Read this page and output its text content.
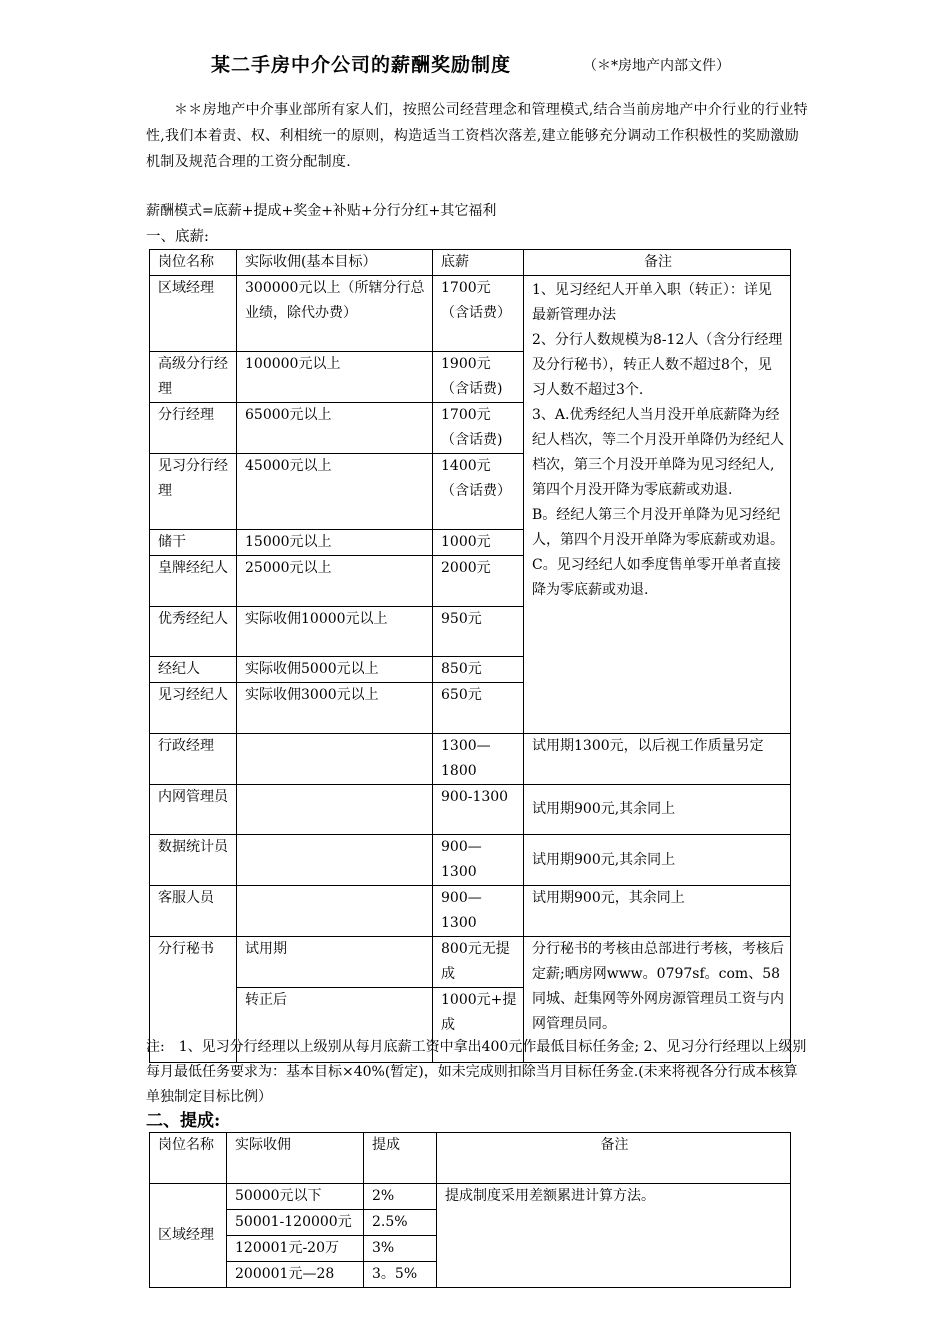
某二手房中介公司的薪酬奖励制度	（＊*房地产内部文件）
＊＊房地产中介事业部所有家人们，按照公司经营理念和管理模式,结合当前房地产中介行业的行业特性,我们本着责、权、利相统一的原则，构造适当工资档次落差,建立能够充分调动工作积极性的奖励激励机制及规范合理的工资分配制度.
薪酬模式=底薪+提成+奖金+补贴+分行分红+其它福利
一、底薪:
岗位名称	实际收佣(基本目标）	底薪	备注
区域经理	300000元以上（所辖分行总业绩，除代办费）	1700元（含话费）	1、见习经纪人开单入职（转正）：详见最新管理办法
2、分行人数规模为8-12人（含分行经理及分行秘书），转正人数不超过8个，见习人数不超过3个.
3、A.优秀经纪人当月没开单底薪降为经纪人档次，等二个月没开单降仍为经纪人档次，第三个月没开单降为见习经纪人,第四个月没开降为零底薪或劝退.
B。经纪人第三个月没开单降为见习经纪人，第四个月没开单降为零底薪或劝退。
C。见习经纪人如季度售单零开单者直接降为零底薪或劝退.
高级分行经理	100000元以上	1900元（含话费)	
分行经理	65000元以上	1700元（含话费)	
见习分行经理	45000元以上	1400元（含话费）	
储干	15000元以上	1000元	
皇牌经纪人	25000元以上	2000元	
优秀经纪人	实际收佣10000元以上	950元	
经纪人	实际收佣5000元以上	850元	
见习经纪人	实际收佣3000元以上	650元	
行政经理		1300—1800	试用期1300元，以后视工作质量另定
内网管理员		900-1300	试用期900元,其余同上
数据统计员		900—1300	试用期900元,其余同上
客服人员		900—1300	试用期900元，其余同上
分行秘书	试用期	800元无提成	分行秘书的考核由总部进行考核，考核后定薪;晒房网www。0797sf。com、58同城、赶集网等外网房源管理员工资与内网管理员同。
	转正后	1000元+提成	
注:　1、见习分行经理以上级别从每月底薪工资中拿出400元作最低目标任务金; 2、见习分行经理以上级别每月最低任务要求为：基本目标×40%(暂定)，如未完成则扣除当月目标任务金.(未来将视各分行成本核算单独制定目标比例）
二、提成:
岗位名称	实际收佣	提成	备注
区域经理	50000元以下	2%	提成制度采用差额累进计算方法。
	50001-120000元	2.5%	
	120001元-20万	3%	
	200001元—28	3。5%	
